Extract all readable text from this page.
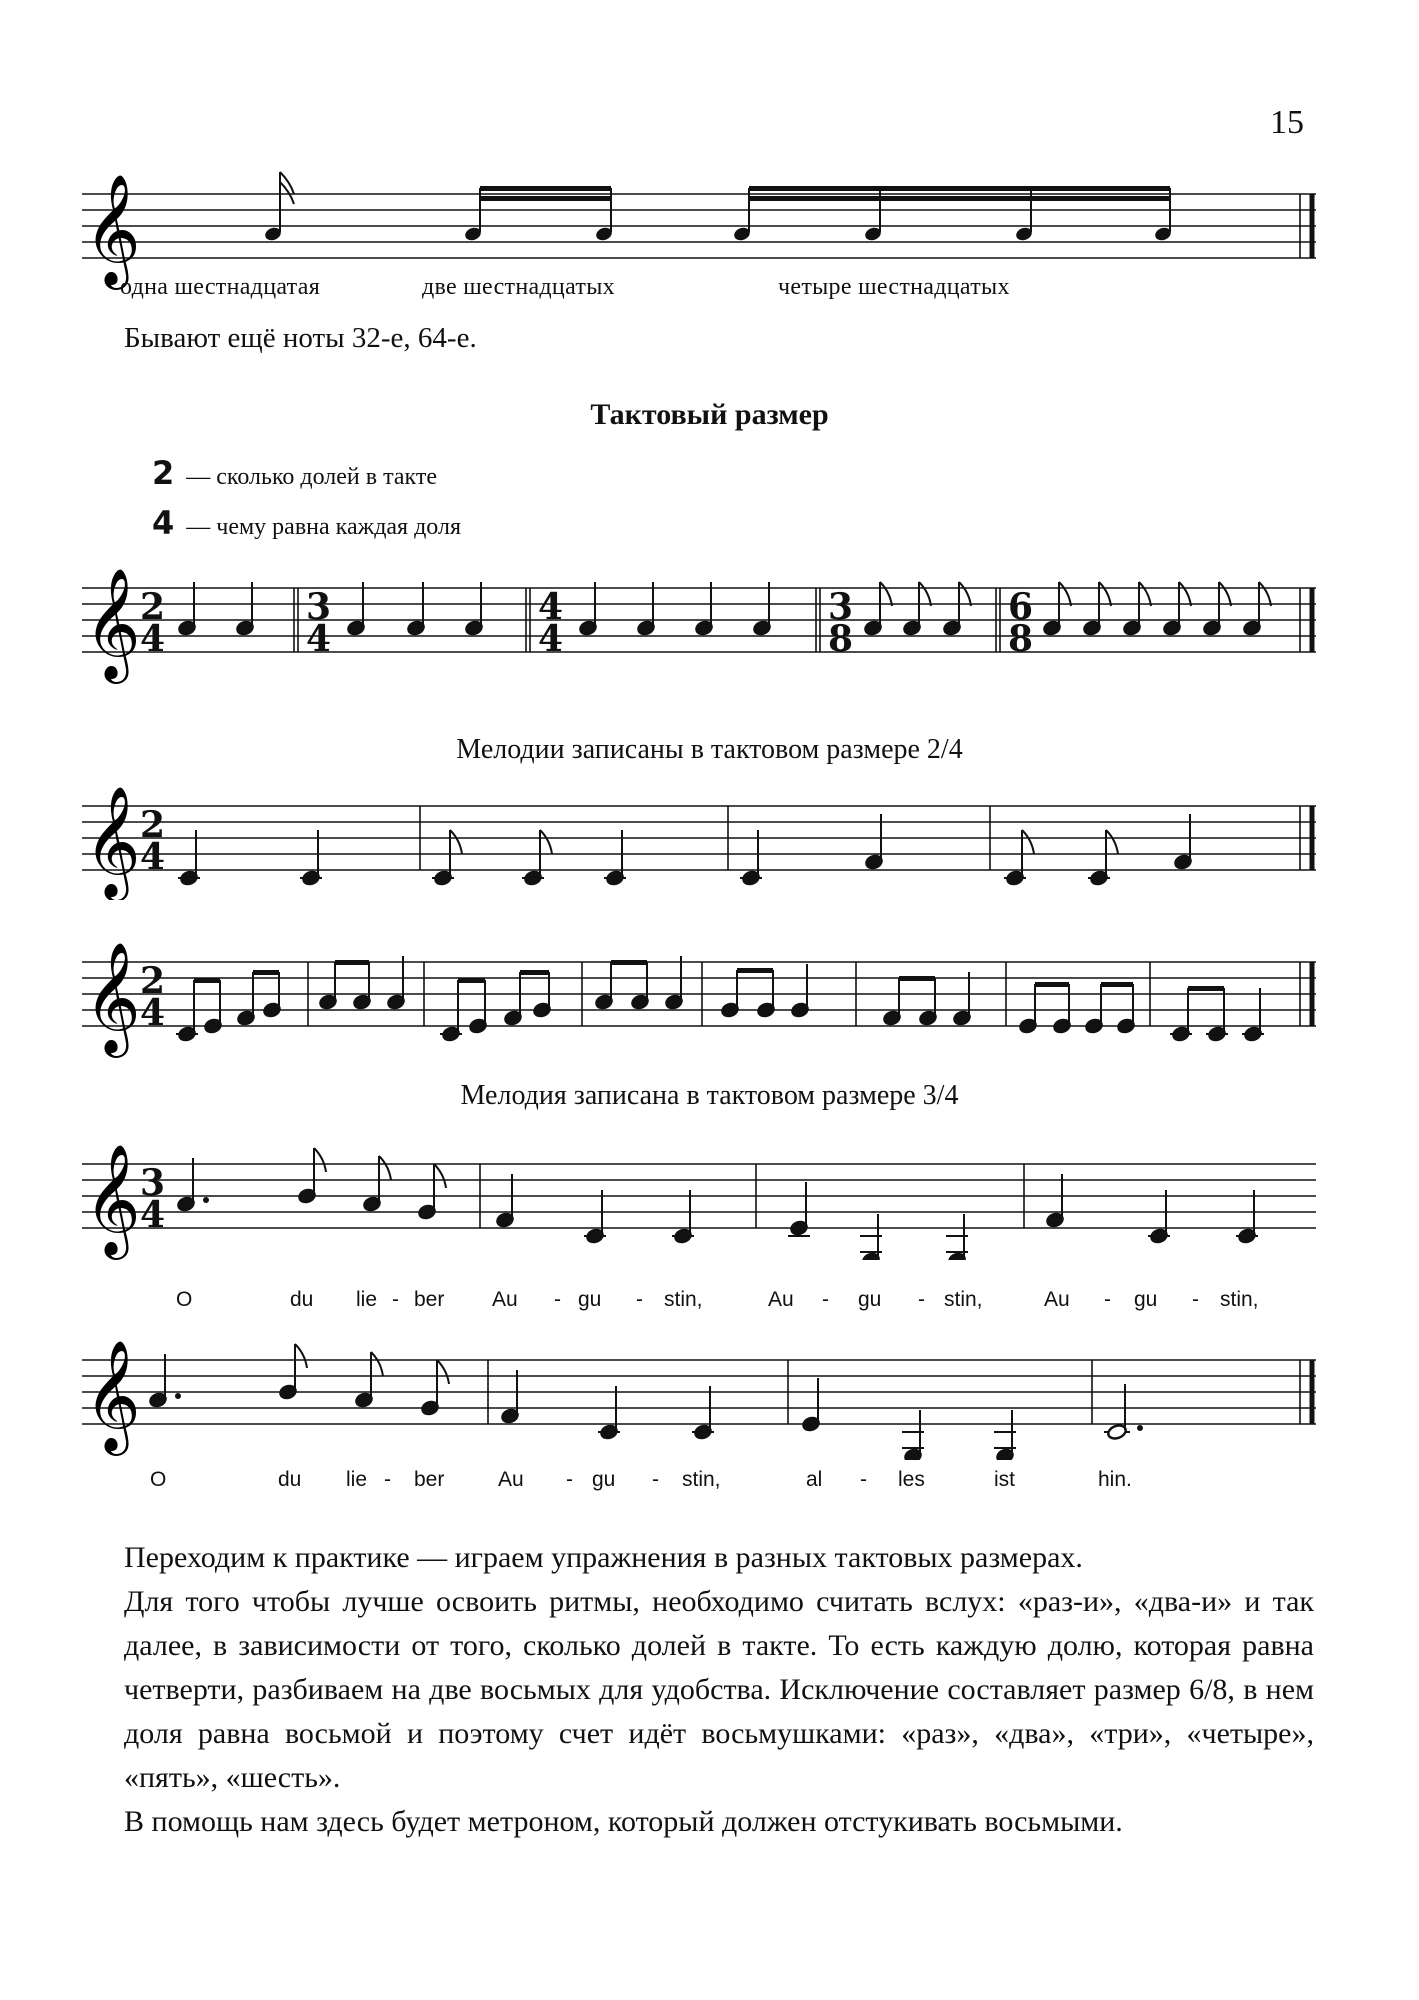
15
𝄞
одна шестнадцатая	две шестнадцатых	четыре шестнадцатых
Бывают ещё ноты 32-е, 64-е.
Тактовый размер
2 — сколько долей в такте
4 — чему равна каждая доля
𝄞 2
4
3
4
4
4
3
8
6
8
Мелодии записаны в тактовом размере 2/4
𝄞 2
4
𝄞 2
4
Мелодия записана в тактовом размере 3/4
𝄞 3
4
O	du lie - ber Au - gu - stin,	Au - gu - stin,	Au - gu - stin,
𝄞
O	du lie - ber	Au - gu - stin,	al - les	ist	hin.
Переходим к практике — играем упражнения в разных тактовых размерах.
Для того чтобы лучше освоить ритмы, необходимо считать вслух: «раз-и», «два-и» и так далее, в зависимости от того, сколько долей в такте. То есть каждую долю, которая равна четверти, разбиваем на две восьмых для удобства. Исключение составляет размер 6/8, в нем доля равна восьмой и поэтому счет идёт восьмушками: «раз», «два», «три», «четыре», «пять», «шесть».
В помощь нам здесь будет метроном, который должен отстукивать восьмыми.
